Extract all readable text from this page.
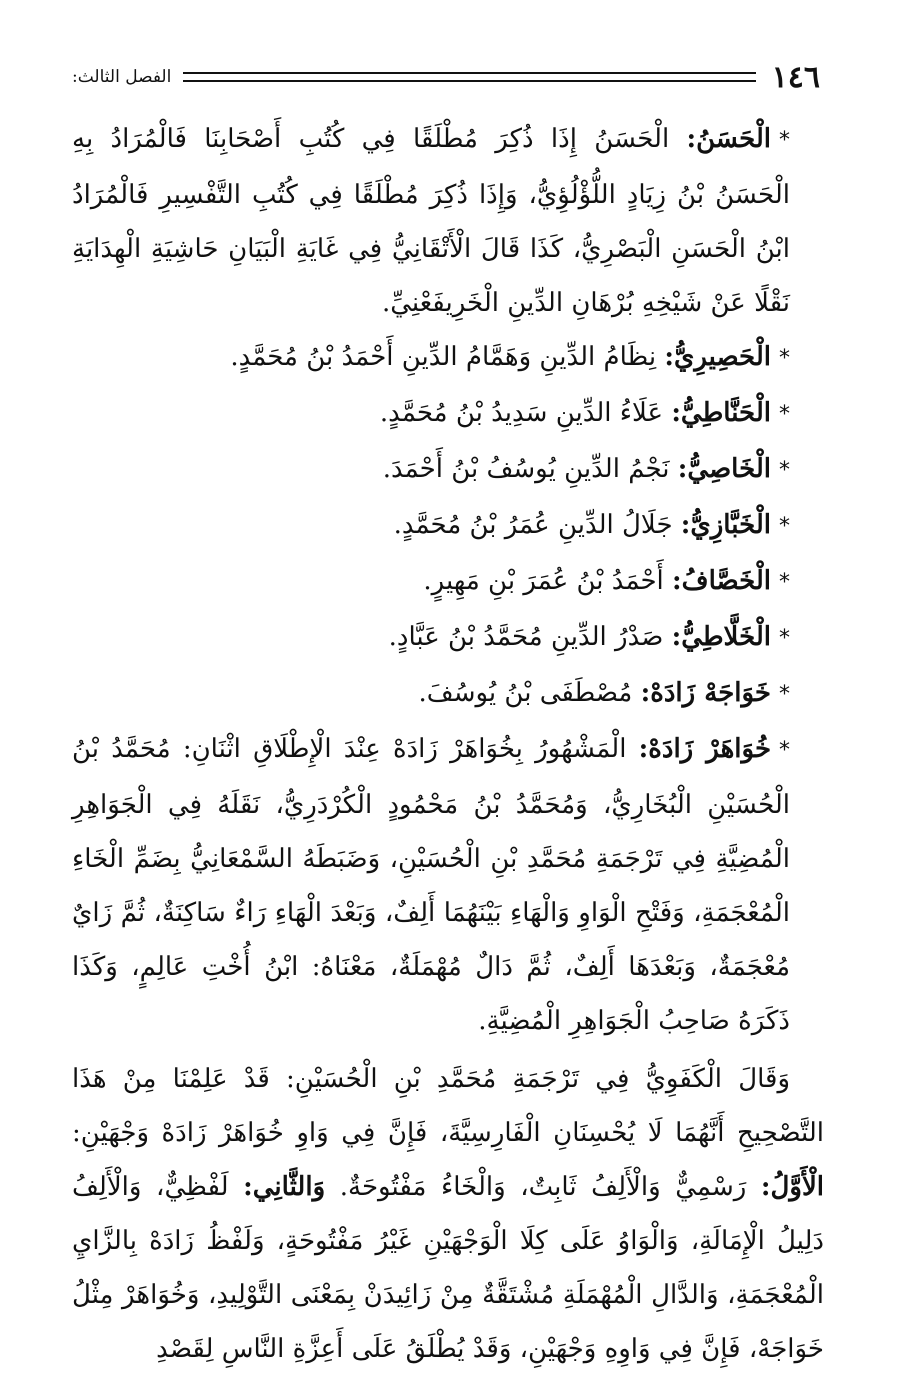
١٤٦
الفصل الثالث:

*الْحَسَنُ: الْحَسَنُ إِذَا ذُكِرَ مُطْلَقًا فِي كُتُبِ أَصْحَابِنَا فَالْمُرَادُ بِهِ الْحَسَنُ بْنُ زِيَادٍ اللُّؤْلُؤِيُّ، وَإِذَا ذُكِرَ مُطْلَقًا فِي كُتُبِ التَّفْسِيرِ فَالْمُرَادُ ابْنُ الْحَسَنِ الْبَصْرِيُّ، كَذَا قَالَ الْأَتْقَانِيُّ فِي غَايَةِ الْبَيَانِ حَاشِيَةِ الْهِدَايَةِ نَقْلًا عَنْ شَيْخِهِ بُرْهَانِ الدِّينِ الْخَرِيفَعْنِيِّ.

*الْحَصِيرِيُّ: نِظَامُ الدِّينِ وَهَمَّامُ الدِّينِ أَحْمَدُ بْنُ مُحَمَّدٍ.

*الْحَنَّاطِيُّ: عَلَاءُ الدِّينِ سَدِيدُ بْنُ مُحَمَّدٍ.

*الْخَاصِيُّ: نَجْمُ الدِّينِ يُوسُفُ بْنُ أَحْمَدَ.

*الْخَبَّازِيُّ: جَلَالُ الدِّينِ عُمَرُ بْنُ مُحَمَّدٍ.

*الْخَصَّافُ: أَحْمَدُ بْنُ عُمَرَ بْنِ مَهِيرٍ.

*الْخَلَّاطِيُّ: صَدْرُ الدِّينِ مُحَمَّدُ بْنُ عَبَّادٍ.

*خَوَاجَهْ زَادَهْ: مُصْطَفَى بْنُ يُوسُفَ.

*خُوَاهَرْ زَادَهْ: الْمَشْهُورُ بِخُوَاهَرْ زَادَهْ عِنْدَ الْإِطْلَاقِ اثْنَانِ: مُحَمَّدُ بْنُ الْحُسَيْنِ الْبُخَارِيُّ، وَمُحَمَّدُ بْنُ مَحْمُودٍ الْكُرْدَرِيُّ، نَقَلَهُ فِي الْجَوَاهِرِ الْمُضِيَّةِ فِي تَرْجَمَةِ مُحَمَّدِ بْنِ الْحُسَيْنِ، وَضَبَطَهُ السَّمْعَانِيُّ بِضَمِّ الْخَاءِ الْمُعْجَمَةِ، وَفَتْحِ الْوَاوِ وَالْهَاءِ بَيْنَهُمَا أَلِفٌ، وَبَعْدَ الْهَاءِ رَاءٌ سَاكِنَةٌ، ثُمَّ زَايٌ مُعْجَمَةٌ، وَبَعْدَهَا أَلِفٌ، ثُمَّ دَالٌ مُهْمَلَةٌ، مَعْنَاهُ: ابْنُ أُخْتِ عَالِمٍ، وَكَذَا ذَكَرَهُ صَاحِبُ الْجَوَاهِرِ الْمُضِيَّةِ.

وَقَالَ الْكَفَوِيُّ فِي تَرْجَمَةِ مُحَمَّدِ بْنِ الْحُسَيْنِ: قَدْ عَلِمْنَا مِنْ هَذَا التَّصْحِيحِ أَنَّهُمَا لَا يُحْسِنَانِ الْفَارِسِيَّةَ، فَإِنَّ فِي وَاوِ خُوَاهَرْ زَادَهْ وَجْهَيْنِ: الْأَوَّلُ: رَسْمِيٌّ وَالْأَلِفُ ثَابِتٌ، وَالْخَاءُ مَفْتُوحَةٌ. وَالثَّانِي: لَفْظِيٌّ، وَالْأَلِفُ دَلِيلُ الْإِمَالَةِ، وَالْوَاوُ عَلَى كِلَا الْوَجْهَيْنِ غَيْرُ مَفْتُوحَةٍ، وَلَفْظُ زَادَهْ بِالزَّايِ الْمُعْجَمَةِ، وَالدَّالِ الْمُهْمَلَةِ مُشْتَقَّةٌ مِنْ زَائِيدَنْ بِمَعْنَى التَّوْلِيدِ، وَخُوَاهَرْ مِثْلُ خَوَاجَهْ، فَإِنَّ فِي وَاوِهِ وَجْهَيْنِ، وَقَدْ يُطْلَقُ عَلَى أَعِزَّةِ النَّاسِ لِقَصْدِ
